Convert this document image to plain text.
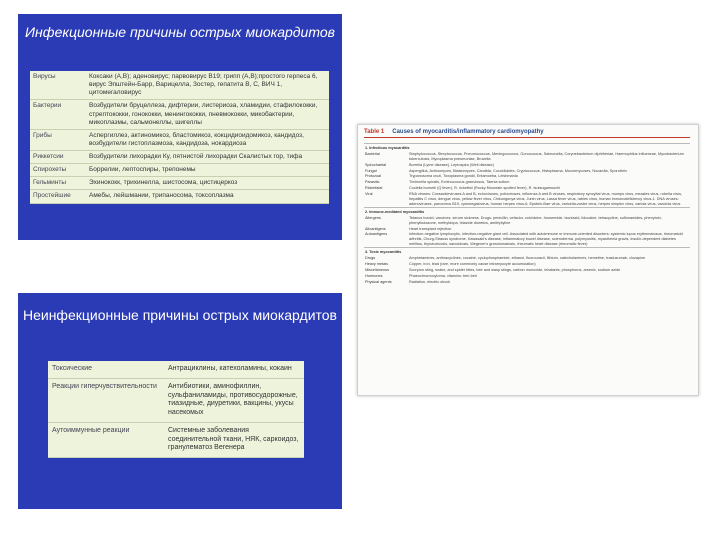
Инфекционные причины острых миокардитов
Вирусы	Коксаки (А,В); аденовирус; парвовирус В19; грипп (А,В);простого герпеса 6, вирус Эпштейн-Барр, Варицелла, Зостер, гепатита В, С, ВИЧ 1, цитомегаловирус
Бактерии	Возбудители бруцеллеза, дифтерии, листериоза, хламидии, стафилококки, стрептококки, гонококки, менингококки, пневмококки, микобактерии, микоплазмы, сальмонеллы, шигеллы
Грибы	Аспергиллез, актиномикоз, бластомикоз, кокцидиоидомикоз, кандидоз, возбудители гистоплазмоза, кандидоза, нокардиоза
Риккетсии	Возбудители лихорадки Ку, пятнистой лихорадки Скалистых гор, тифа
Спирохеты	Боррелии, лептоспиры, трепонемы
Гельминты	Эхинококк, трихинелла, шистосома, цистицеркоз
Простейшие	Амебы, лейшмании, трипаносома, токсоплазма
Неинфекционные причины острых миокардитов
Токсические	Антрациклины, катехоламины, кокаин
Реакции гиперчувствительности	Антибиотики, аминофиллин, сульфаниламиды, противосудорожные, тиазидные, диуретики, вакцины, укусы насекомых
Аутоиммунные реакции	Системные заболевания соединительной ткани, НЯК, саркоидоз, гранулематоз Вегенера
Table 1 Causes of myocarditis/inflammatory cardiomyopathy
1. Infectious myocarditis	
Bacterial	Staphylococcus, Streptococcus, Pneumococcus, Meningococcus, Gonococcus, Salmonella, Corynebacterium diphtheriae, Haemophilus influenzae, Mycobacterium tuberculosis, Mycoplasma pneumoniae, Brucella
Spirochaetal	Borrelia (Lyme disease), Leptospira (Weil disease)
Fungal	Aspergillus, Actinomyces, Blastomyces, Candida, Coccidioides, Cryptococcus, Histoplasma, Mucormycoses, Nocardia, Sporothrix
Protozoal	Trypanosoma cruzi, Toxoplasma gondii, Entamoeba, Leishmania
Parasitic	Trichinella spiralis, Echinococcus granulosus, Taenia solium
Rickettsial	Coxiella burnetii (Q fever), R. rickettsii (Rocky Mountain spotted fever), R. tsutsugamuschi
Viral	RNA viruses: Coxsackieviruses A and B, echoviruses, polioviruses, influenza A and B viruses, respiratory syncytial virus, mumps virus, measles virus, rubella virus, hepatitis C virus, dengue virus, yellow fever virus, Chikungunya virus, Junin virus, Lassa fever virus, rabies virus, human immunodeficiency virus-1. DNA viruses: adenoviruses, parvovirus B19, cytomegalovirus, human herpes virus-6, Epstein-Barr virus, varicella-zoster virus, herpes simplex virus, variola virus, vaccinia virus
2. Immune-mediated myocarditis	
Allergens	Tetanus toxoid, vaccines, serum sickness. Drugs: penicillin, cefaclor, colchicine, furosemide, isoniazid, lidocaine, tetracycline, sulfonamides, phenytoin, phenylbutazone, methyldopa, thiazide diuretics, amitriptyline
Alloantigens	Heart transplant rejection
Autoantigens	Infection-negative lymphocytic, infection-negative giant cell. Associated with autoimmune or immune-oriented disorders: systemic lupus erythematosus, rheumatoid arthritis, Churg-Strauss syndrome, Kawasaki's disease, inflammatory bowel disease, scleroderma, polymyositis, myasthenia gravis, insulin-dependent diabetes mellitus, thyrotoxicosis, sarcoidosis, Wegener's granulomatosis, rheumatic heart disease (rheumatic fever)
3. Toxic myocarditis	
Drugs	Amphetamines, anthracyclines, cocaine, cyclophosphamide, ethanol, fluorouracil, lithium, catecholamines, hemetine, trastuzumab, clozapine
Heavy metals	Copper, iron, lead (rare, more commonly cause intramyocyte accumulation)
Miscellaneous	Scorpion sting, snake, and spider bites, bee and wasp stings, carbon monoxide, inhalants, phosphorus, arsenic, sodium azide
Hormones	Phaeochromocytoma, vitamins: beri-beri
Physical agents	Radiation, electric shock
